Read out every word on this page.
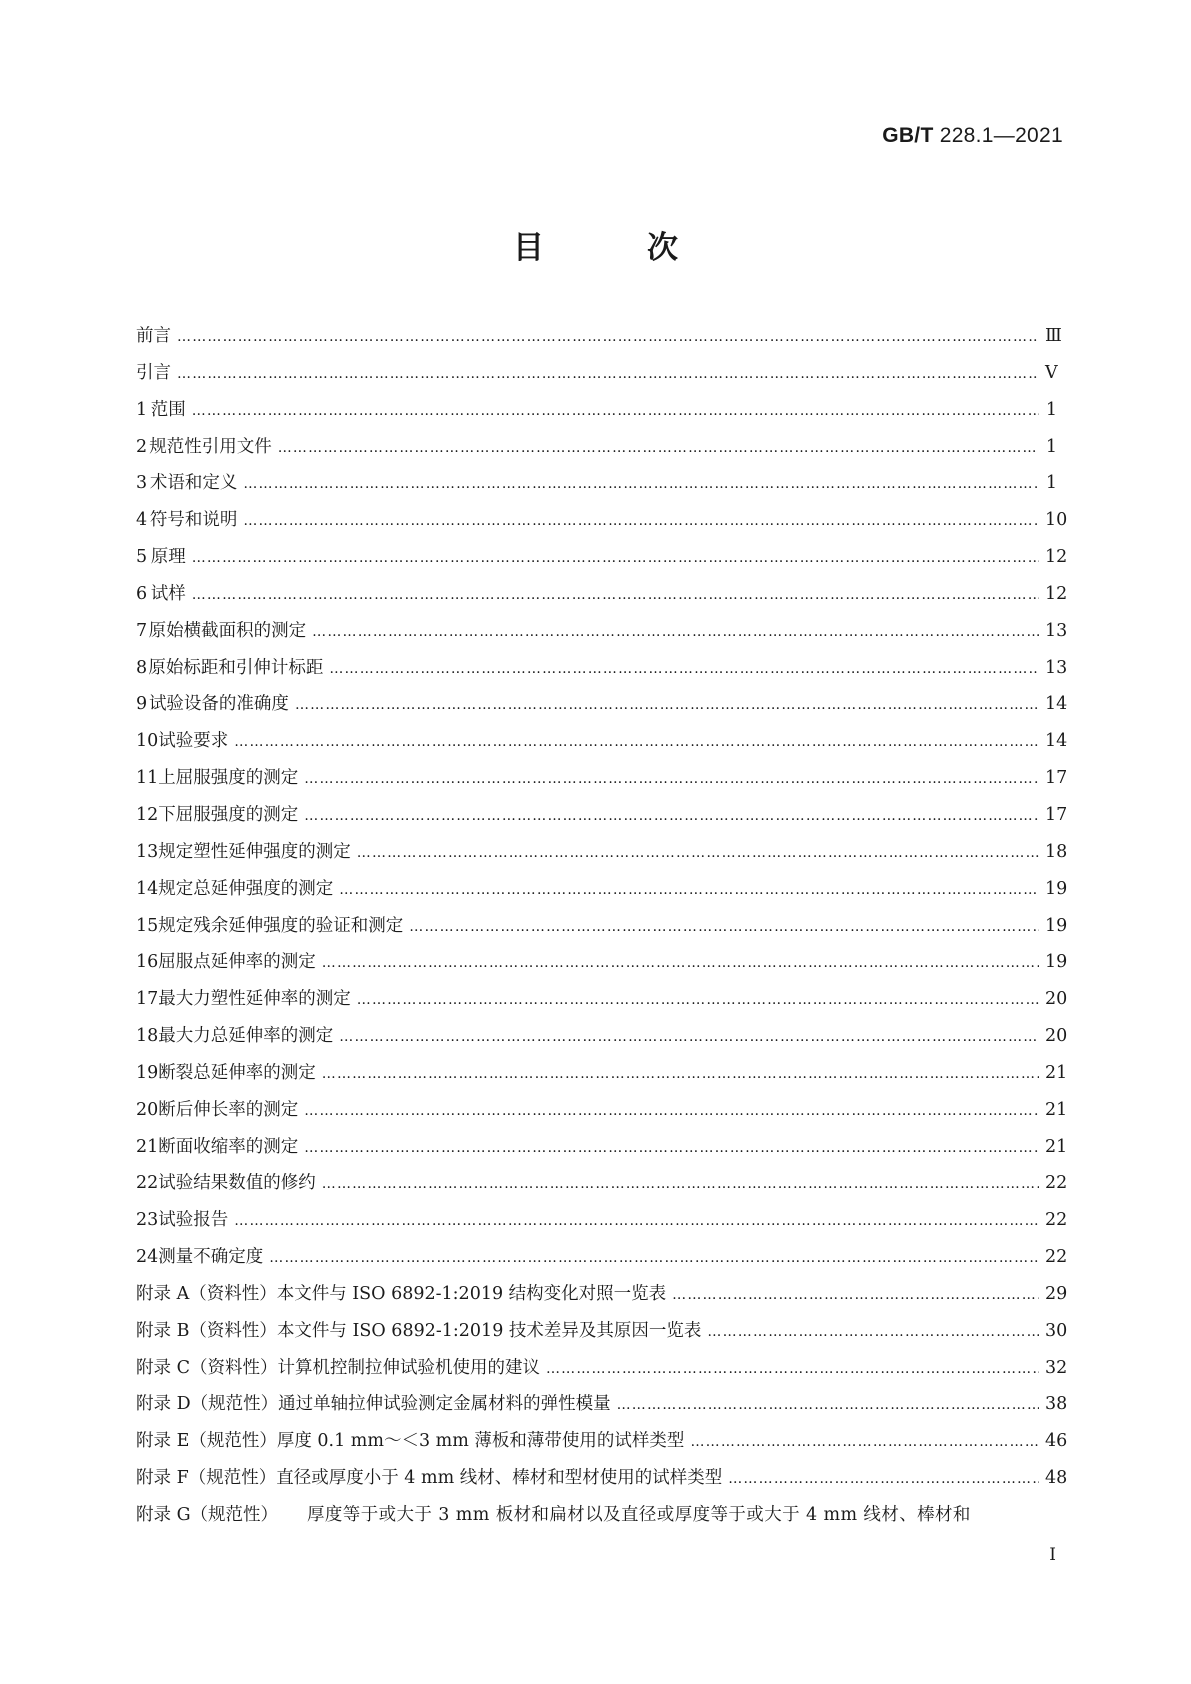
GB/T 228.1—2021
目　次
前言 …………………………………………………………………………………………………………………………………………………………………………………………………………………………………………………………………………………………	Ⅲ
引言 …………………………………………………………………………………………………………………………………………………………………………………………………………………………………………………………………………………………	Ⅴ
1 范围 …………………………………………………………………………………………………………………………………………………………………………………………………………………………………………………………………………………………	1
2 规范性引用文件 …………………………………………………………………………………………………………………………………………………………………………………………………………………………………………………………………………………………	1
3 术语和定义 …………………………………………………………………………………………………………………………………………………………………………………………………………………………………………………………………………………………	1
4 符号和说明 …………………………………………………………………………………………………………………………………………………………………………………………………………………………………………………………………………………………	10
5 原理 …………………………………………………………………………………………………………………………………………………………………………………………………………………………………………………………………………………………	12
6 试样 …………………………………………………………………………………………………………………………………………………………………………………………………………………………………………………………………………………………	12
7 原始横截面积的测定 …………………………………………………………………………………………………………………………………………………………………………………………………………………………………………………………………………………………	13
8 原始标距和引伸计标距 …………………………………………………………………………………………………………………………………………………………………………………………………………………………………………………………………………………………	13
9 试验设备的准确度 …………………………………………………………………………………………………………………………………………………………………………………………………………………………………………………………………………………………	14
10 试验要求 …………………………………………………………………………………………………………………………………………………………………………………………………………………………………………………………………………………………	14
11 上屈服强度的测定 …………………………………………………………………………………………………………………………………………………………………………………………………………………………………………………………………………………………	17
12 下屈服强度的测定 …………………………………………………………………………………………………………………………………………………………………………………………………………………………………………………………………………………………	17
13 规定塑性延伸强度的测定 …………………………………………………………………………………………………………………………………………………………………………………………………………………………………………………………………………………………	18
14 规定总延伸强度的测定 …………………………………………………………………………………………………………………………………………………………………………………………………………………………………………………………………………………………	19
15 规定残余延伸强度的验证和测定 …………………………………………………………………………………………………………………………………………………………………………………………………………………………………………………………………………………………	19
16 屈服点延伸率的测定 …………………………………………………………………………………………………………………………………………………………………………………………………………………………………………………………………………………………	19
17 最大力塑性延伸率的测定 …………………………………………………………………………………………………………………………………………………………………………………………………………………………………………………………………………………………	20
18 最大力总延伸率的测定 …………………………………………………………………………………………………………………………………………………………………………………………………………………………………………………………………………………………	20
19 断裂总延伸率的测定 …………………………………………………………………………………………………………………………………………………………………………………………………………………………………………………………………………………………	21
20 断后伸长率的测定 …………………………………………………………………………………………………………………………………………………………………………………………………………………………………………………………………………………………	21
21 断面收缩率的测定 …………………………………………………………………………………………………………………………………………………………………………………………………………………………………………………………………………………………	21
22 试验结果数值的修约 …………………………………………………………………………………………………………………………………………………………………………………………………………………………………………………………………………………………	22
23 试验报告 …………………………………………………………………………………………………………………………………………………………………………………………………………………………………………………………………………………………	22
24 测量不确定度 …………………………………………………………………………………………………………………………………………………………………………………………………………………………………………………………………………………………	22
附录 A（资料性） 本文件与 ISO 6892-1:2019 结构变化对照一览表 …………………………………………………………………………………………………………………………………………………………………………………………………………………………………………………………………………………………	29
附录 B（资料性） 本文件与 ISO 6892-1:2019 技术差异及其原因一览表 …………………………………………………………………………………………………………………………………………………………………………………………………………………………………………………………………………………………	30
附录 C（资料性） 计算机控制拉伸试验机使用的建议 …………………………………………………………………………………………………………………………………………………………………………………………………………………………………………………………………………………………	32
附录 D（规范性） 通过单轴拉伸试验测定金属材料的弹性模量 …………………………………………………………………………………………………………………………………………………………………………………………………………………………………………………………………………………………	38
附录 E（规范性） 厚度 0.1 mm～＜3 mm 薄板和薄带使用的试样类型 …………………………………………………………………………………………………………………………………………………………………………………………………………………………………………………………………………………………	46
附录 F（规范性） 直径或厚度小于 4 mm 线材、棒材和型材使用的试样类型 …………………………………………………………………………………………………………………………………………………………………………………………………………………………………………………………………………………………	48
附录 G（规范性）	厚度等于或大于 3 mm 板材和扁材以及直径或厚度等于或大于 4 mm 线材、棒材和
I
